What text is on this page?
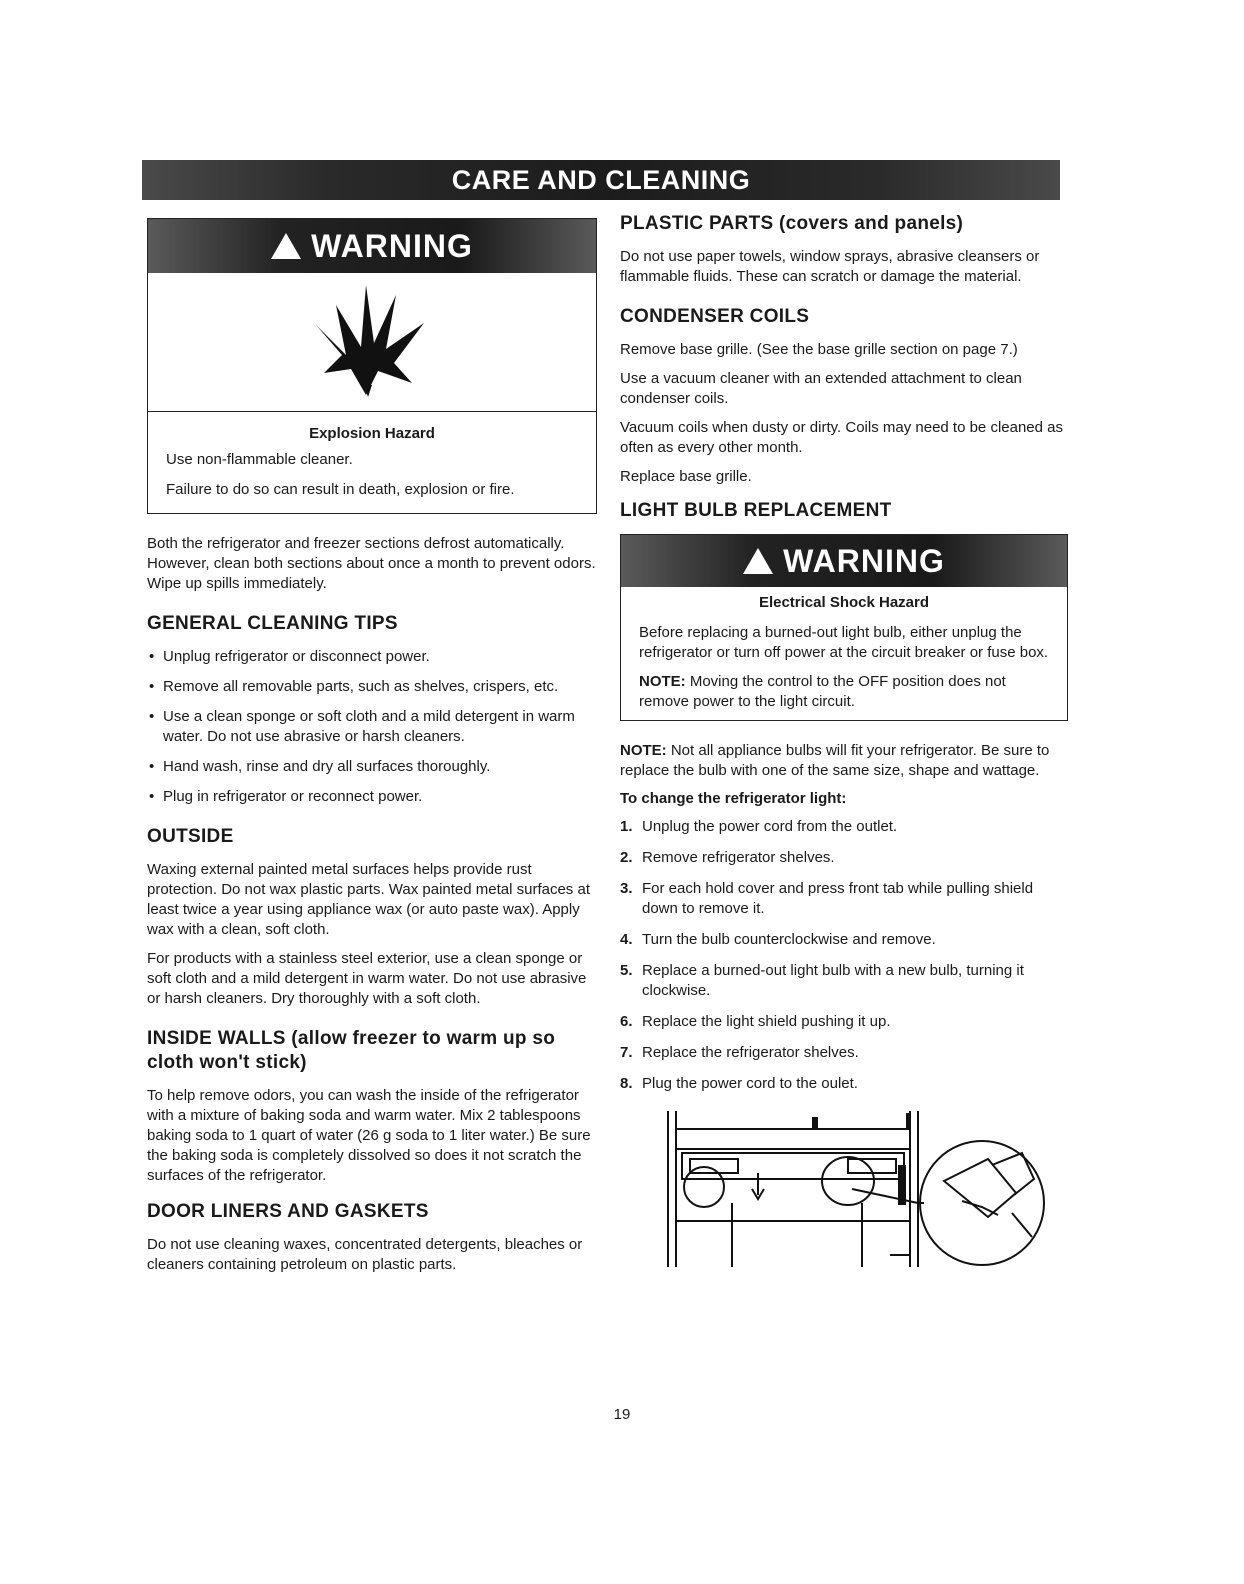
CARE AND CLEANING
WARNING
Explosion Hazard

Use non-flammable cleaner.

Failure to do so can result in death, explosion or fire.

Both the refrigerator and freezer sections defrost automatically. However, clean both sections about once a month to prevent odors. Wipe up spills immediately.

GENERAL CLEANING TIPS
• Unplug refrigerator or disconnect power.
• Remove all removable parts, such as shelves, crispers, etc.
• Use a clean sponge or soft cloth and a mild detergent in warm water. Do not use abrasive or harsh cleaners.
• Hand wash, rinse and dry all surfaces thoroughly.
• Plug in refrigerator or reconnect power.
OUTSIDE

Waxing external painted metal surfaces helps provide rust protection. Do not wax plastic parts. Wax painted metal surfaces at least twice a year using appliance wax (or auto paste wax). Apply wax with a clean, soft cloth.

For products with a stainless steel exterior, use a clean sponge or soft cloth and a mild detergent in warm water. Do not use abrasive or harsh cleaners. Dry thoroughly with a soft cloth.

INSIDE WALLS (allow freezer to warm up so cloth won't stick)

To help remove odors, you can wash the inside of the refrigerator with a mixture of baking soda and warm water. Mix 2 tablespoons baking soda to 1 quart of water (26 g soda to 1 liter water.) Be sure the baking soda is completely dissolved so does it not scratch the surfaces of the refrigerator.

DOOR LINERS AND GASKETS

Do not use cleaning waxes, concentrated detergents, bleaches or cleaners containing petroleum on plastic parts.

PLASTIC PARTS (covers and panels)

Do not use paper towels, window sprays, abrasive cleansers or flammable fluids. These can scratch or damage the material.

CONDENSER COILS

Remove base grille. (See the base grille section on page 7.)

Use a vacuum cleaner with an extended attachment to clean condenser coils.

Vacuum coils when dusty or dirty. Coils may need to be cleaned as often as every other month.

Replace base grille.

LIGHT BULB REPLACEMENT
WARNING
Electrical Shock Hazard

Before replacing a burned-out light bulb, either unplug the refrigerator or turn off power at the circuit breaker or fuse box.

NOTE: Moving the control to the OFF position does not remove power to the light circuit.

NOTE: Not all appliance bulbs will fit your refrigerator. Be sure to replace the bulb with one of the same size, shape and wattage.

To change the refrigerator light:
1. Unplug the power cord from the outlet.
2. Remove refrigerator shelves.
3. For each hold cover and press front tab while pulling shield down to remove it.
4. Turn the bulb counterclockwise and remove.
5. Replace a burned-out light bulb with a new bulb, turning it clockwise.
6. Replace the light shield pushing it up.
7. Replace the refrigerator shelves.
8. Plug the power cord to the oulet.
19
